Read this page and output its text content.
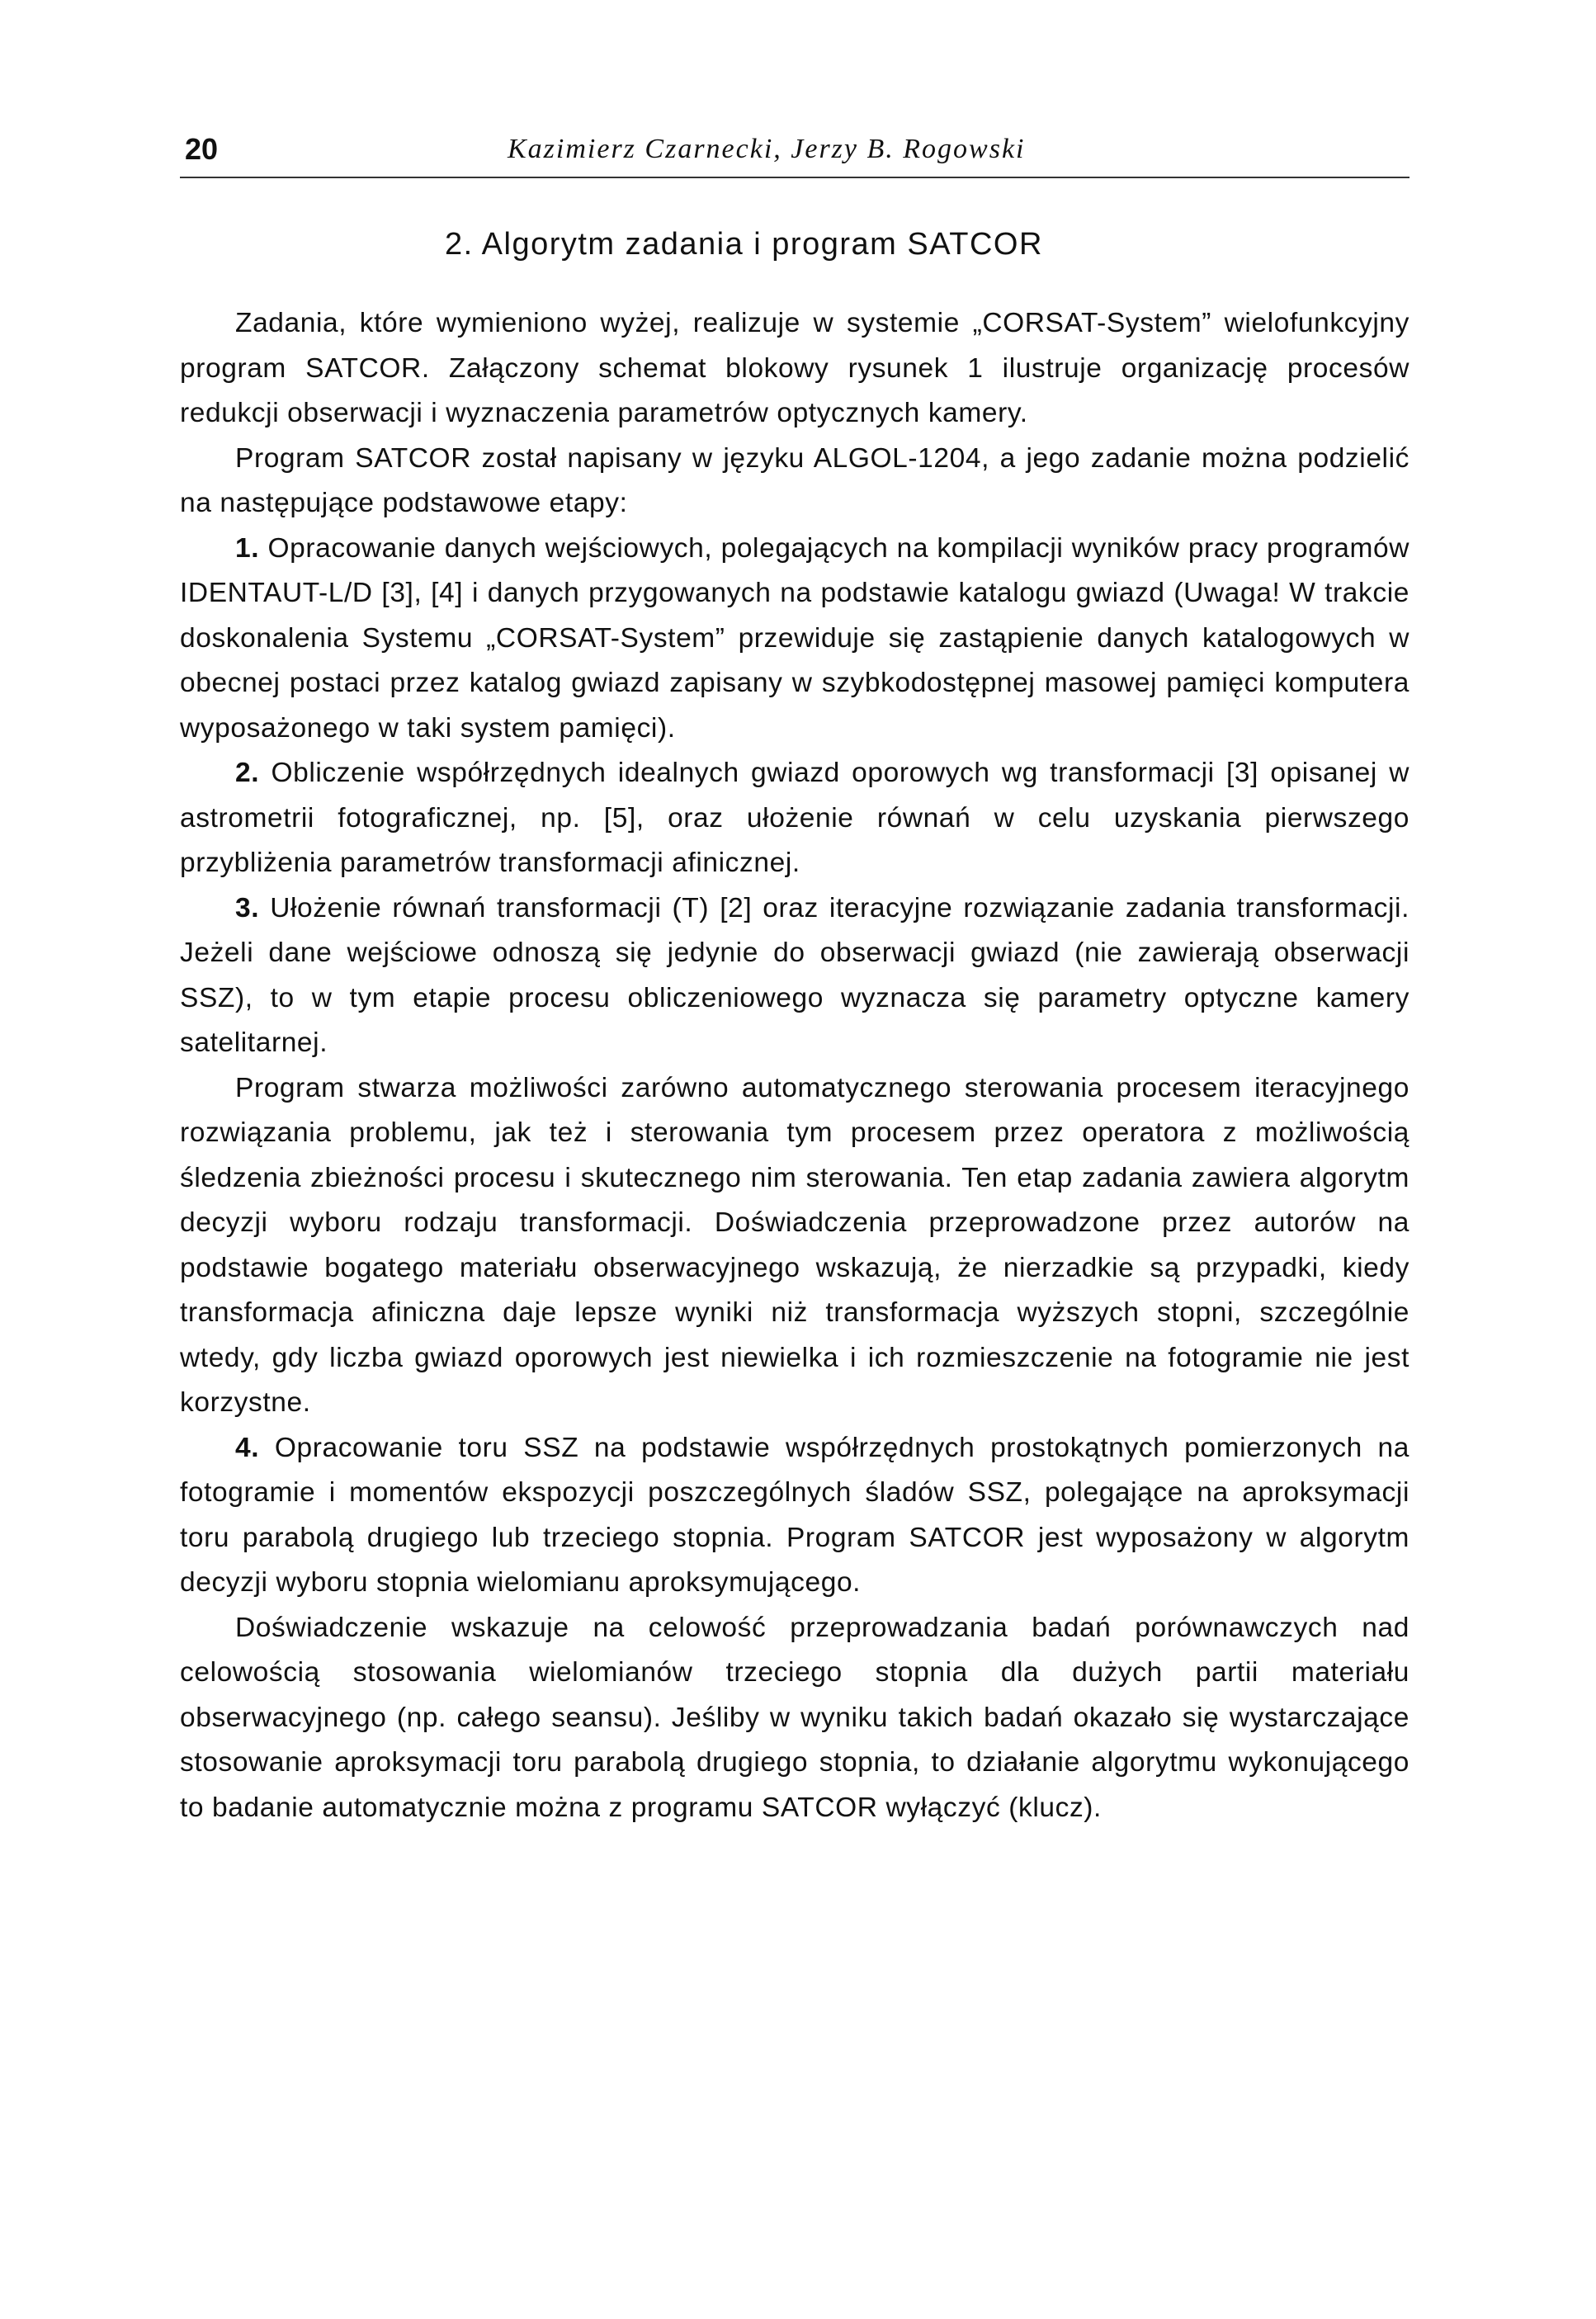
20	Kazimierz Czarnecki, Jerzy B. Rogowski
2. Algorytm zadania i program SATCOR

Zadania, które wymieniono wyżej, realizuje w systemie „CORSAT-System” wielofunkcyjny program SATCOR. Załączony schemat blokowy rysunek 1 ilustruje organizację procesów redukcji obserwacji i wyznaczenia parametrów optycznych kamery.

Program SATCOR został napisany w języku ALGOL-1204, a jego zadanie można podzielić na następujące podstawowe etapy:

1. Opracowanie danych wejściowych, polegających na kompilacji wyników pracy programów IDENTAUT-L/D [3], [4] i danych przygowanych na podstawie katalogu gwiazd (Uwaga! W trakcie doskonalenia Systemu „CORSAT-System” przewiduje się zastąpienie danych katalogowych w obecnej postaci przez katalog gwiazd zapisany w szybkodostępnej masowej pamięci komputera wyposażonego w taki system pamięci).

2. Obliczenie współrzędnych idealnych gwiazd oporowych wg transformacji [3] opisanej w astrometrii fotograficznej, np. [5], oraz ułożenie równań w celu uzyskania pierwszego przybliżenia parametrów transformacji afinicznej.

3. Ułożenie równań transformacji (T) [2] oraz iteracyjne rozwiązanie zadania transformacji. Jeżeli dane wejściowe odnoszą się jedynie do obserwacji gwiazd (nie zawierają obserwacji SSZ), to w tym etapie procesu obliczeniowego wyznacza się parametry optyczne kamery satelitarnej.

Program stwarza możliwości zarówno automatycznego sterowania procesem iteracyjnego rozwiązania problemu, jak też i sterowania tym procesem przez operatora z możliwością śledzenia zbieżności procesu i skutecznego nim sterowania. Ten etap zadania zawiera algorytm decyzji wyboru rodzaju transformacji. Doświadczenia przeprowadzone przez autorów na podstawie bogatego materiału obserwacyjnego wskazują, że nierzadkie są przypadki, kiedy transformacja afiniczna daje lepsze wyniki niż transformacja wyższych stopni, szczególnie wtedy, gdy liczba gwiazd oporowych jest niewielka i ich rozmieszczenie na fotogramie nie jest korzystne.

4. Opracowanie toru SSZ na podstawie współrzędnych prostokątnych pomierzonych na fotogramie i momentów ekspozycji poszczególnych śladów SSZ, polegające na aproksymacji toru parabolą drugiego lub trzeciego stopnia. Program SATCOR jest wyposażony w algorytm decyzji wyboru stopnia wielomianu aproksymującego.

Doświadczenie wskazuje na celowość przeprowadzania badań porównawczych nad celowością stosowania wielomianów trzeciego stopnia dla dużych partii materiału obserwacyjnego (np. całego seansu). Jeśliby w wyniku takich badań okazało się wystarczające stosowanie aproksymacji toru parabolą drugiego stopnia, to działanie algorytmu wykonującego to badanie automatycznie można z programu SATCOR wyłączyć (klucz).
